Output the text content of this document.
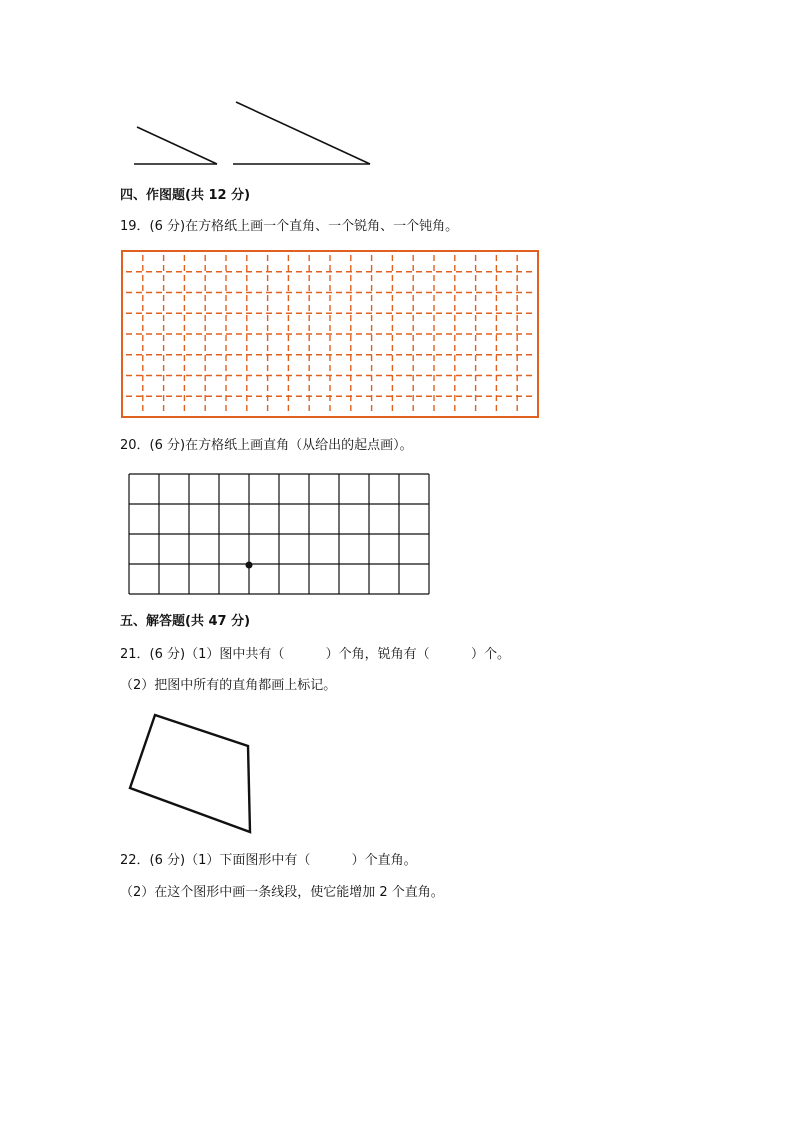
四、作图题(共 12 分)
19．(6 分)在方格纸上画一个直角、一个锐角、一个钝角。
20．(6 分)在方格纸上画直角（从给出的起点画）。
五、解答题(共 47 分)
21．(6 分)（1）图中共有（          ）个角，锐角有（          ）个。
（2）把图中所有的直角都画上标记。
22．(6 分)（1）下面图形中有（          ）个直角。
（2）在这个图形中画一条线段，使它能增加 2 个直角。
